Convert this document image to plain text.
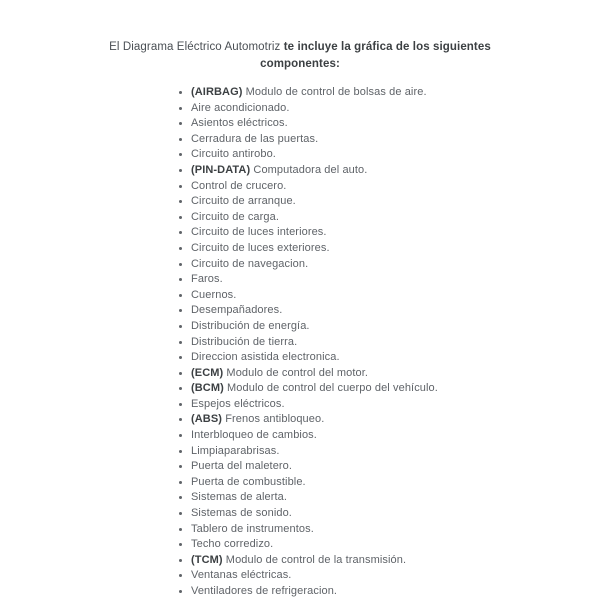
El Diagrama Eléctrico Automotriz te incluye la gráfica de los siguientes componentes:

• (AIRBAG) Modulo de control de bolsas de aire.
• Aire acondicionado.
• Asientos eléctricos.
• Cerradura de las puertas.
• Circuito antirobo.
• (PIN-DATA) Computadora del auto.
• Control de crucero.
• Circuito de arranque.
• Circuito de carga.
• Circuito de luces interiores.
• Circuito de luces exteriores.
• Circuito de navegacion.
• Faros.
• Cuernos.
• Desempañadores.
• Distribución de energía.
• Distribución de tierra.
• Direccion asistida electronica.
• (ECM) Modulo de control del motor.
• (BCM) Modulo de control del cuerpo del vehículo.
• Espejos eléctricos.
• (ABS) Frenos antibloqueo.
• Interbloqueo de cambios.
• Limpiaparabrisas.
• Puerta del maletero.
• Puerta de combustible.
• Sistemas de alerta.
• Sistemas de sonido.
• Tablero de instrumentos.
• Techo corredizo.
• (TCM) Modulo de control de la transmisión.
• Ventanas eléctricas.
• Ventiladores de refrigeracion.
